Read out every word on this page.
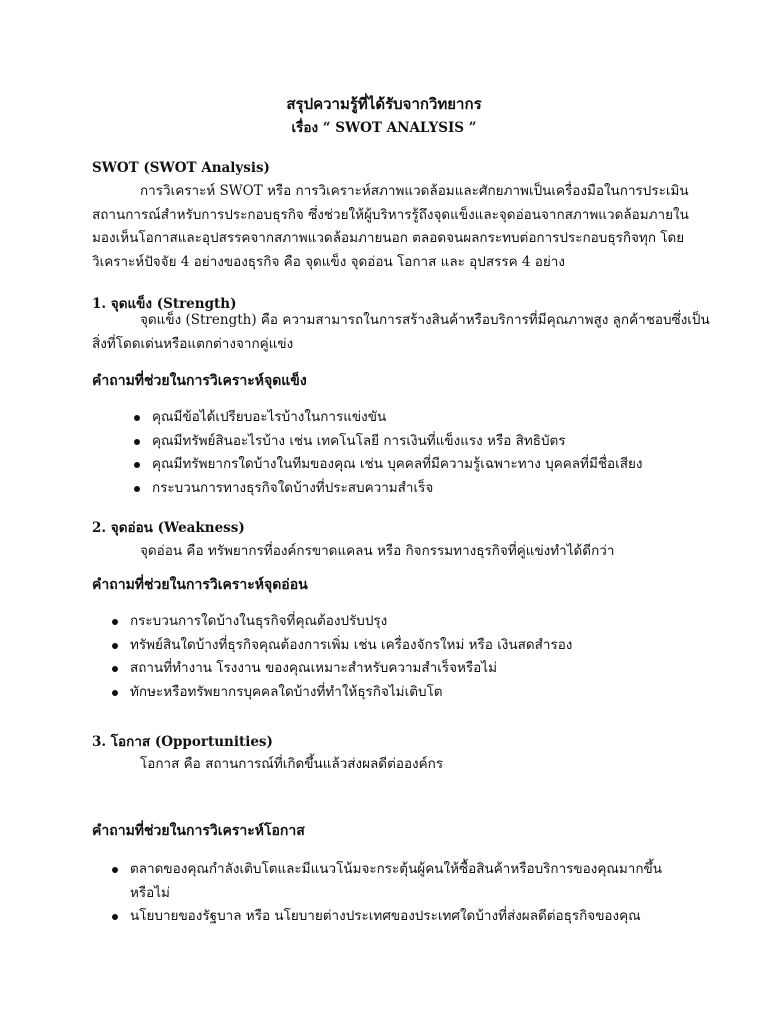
สรุปความรู้ที่ได้รับจากวิทยากร
เรื่อง “ SWOT ANALYSIS ”
SWOT (SWOT Analysis)
การวิเคราะห์ SWOT หรือ การวิเคราะห์สภาพแวดล้อมและศักยภาพเป็นเครื่องมือในการประเมิน
สถานการณ์สำหรับการประกอบธุรกิจ ซึ่งช่วยให้ผู้บริหารรู้ถึงจุดแข็งและจุดอ่อนจากสภาพแวดล้อมภายใน
มองเห็นโอกาสและอุปสรรคจากสภาพแวดล้อมภายนอก ตลอดจนผลกระทบต่อการประกอบธุรกิจทุก โดย
วิเคราะห์ปัจจัย 4 อย่างของธุรกิจ คือ จุดแข็ง จุดอ่อน โอกาส และ อุปสรรค 4 อย่าง
1. จุดแข็ง (Strength)
จุดแข็ง (Strength) คือ ความสามารถในการสร้างสินค้าหรือบริการที่มีคุณภาพสูง ลูกค้าชอบซึ่งเป็น
สิ่งที่โดดเด่นหรือแตกต่างจากคู่แข่ง
คำถามที่ช่วยในการวิเคราะห์จุดแข็ง
คุณมีข้อได้เปรียบอะไรบ้างในการแข่งขัน
คุณมีทรัพย์สินอะไรบ้าง เช่น เทคโนโลยี การเงินที่แข็งแรง หรือ สิทธิบัตร
คุณมีทรัพยากรใดบ้างในทีมของคุณ เช่น บุคคลที่มีความรู้เฉพาะทาง บุคคลที่มีชื่อเสียง
กระบวนการทางธุรกิจใดบ้างที่ประสบความสำเร็จ
2. จุดอ่อน (Weakness)
จุดอ่อน คือ ทรัพยากรที่องค์กรขาดแคลน หรือ กิจกรรมทางธุรกิจที่คู่แข่งทำได้ดีกว่า
คำถามที่ช่วยในการวิเคราะห์จุดอ่อน
กระบวนการใดบ้างในธุรกิจที่คุณต้องปรับปรุง
ทรัพย์สินใดบ้างที่ธุรกิจคุณต้องการเพิ่ม เช่น เครื่องจักรใหม่ หรือ เงินสดสำรอง
สถานที่ทำงาน โรงงาน ของคุณเหมาะสำหรับความสำเร็จหรือไม่
ทักษะหรือทรัพยากรบุคคลใดบ้างที่ทำให้ธุรกิจไม่เติบโต
3. โอกาส (Opportunities)
โอกาส คือ สถานการณ์ที่เกิดขึ้นแล้วส่งผลดีต่อองค์กร
คำถามที่ช่วยในการวิเคราะห์โอกาส
ตลาดของคุณกำลังเติบโตและมีแนวโน้มจะกระตุ้นผู้คนให้ซื้อสินค้าหรือบริการของคุณมากขึ้น
หรือไม่
นโยบายของรัฐบาล หรือ นโยบายต่างประเทศของประเทศใดบ้างที่ส่งผลดีต่อธุรกิจของคุณ
